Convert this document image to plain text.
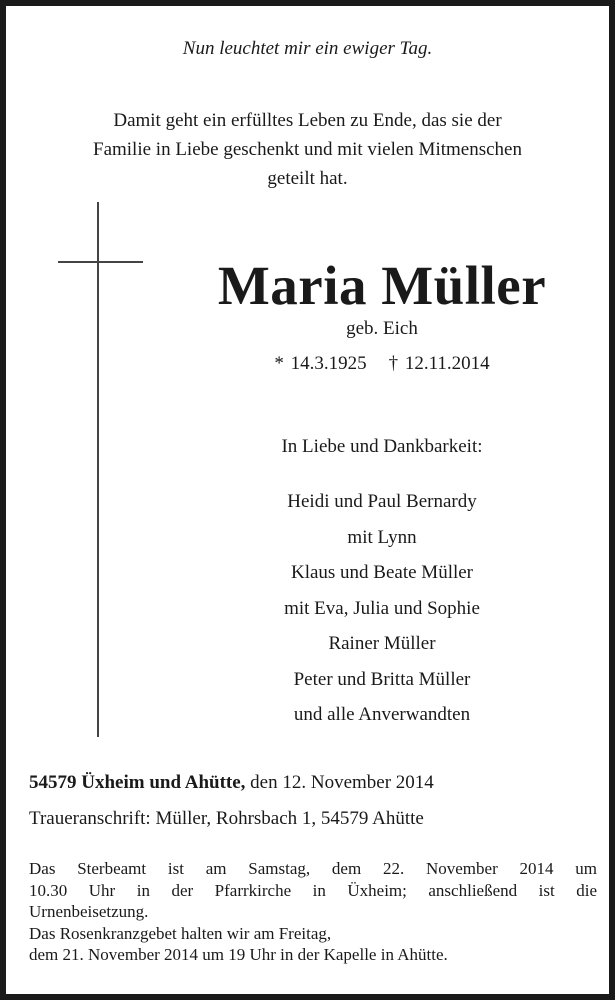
Nun leuchtet mir ein ewiger Tag.
Damit geht ein erfülltes Leben zu Ende, das sie der
Familie in Liebe geschenkt und mit vielen Mitmenschen
geteilt hat.
Maria Müller
geb. Eich
* 14.3.1925 † 12.11.2014
In Liebe und Dankbarkeit:
Heidi und Paul Bernardy
mit Lynn
Klaus und Beate Müller
mit Eva, Julia und Sophie
Rainer Müller
Peter und Britta Müller
und alle Anverwandten
54579 Üxheim und Ahütte, den 12. November 2014
Traueranschrift: Müller, Rohrsbach 1, 54579 Ahütte
Das Sterbeamt ist am Samstag, dem 22. November 2014 um
10.30 Uhr in der Pfarrkirche in Üxheim; anschließend ist die
Urnenbeisetzung.
Das Rosenkranzgebet halten wir am Freitag,
dem 21. November 2014 um 19 Uhr in der Kapelle in Ahütte.
